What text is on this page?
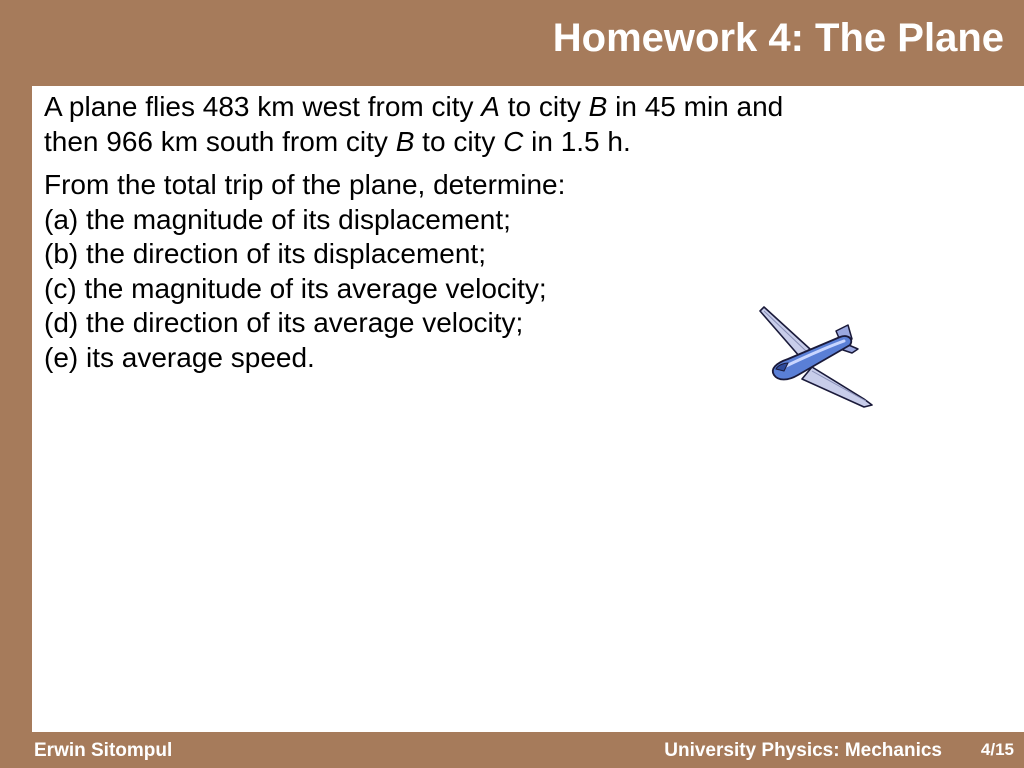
Homework 4: The Plane

A plane flies 483 km west from city A to city B in 45 min and
then 966 km south from city B to city C in 1.5 h.

From the total trip of the plane, determine:
(a) the magnitude of its displacement;
(b) the direction of its displacement;
(c) the magnitude of its average velocity;
(d) the direction of its average velocity;
(e) its average speed.

Erwin Sitompul	University Physics: Mechanics 4/15
